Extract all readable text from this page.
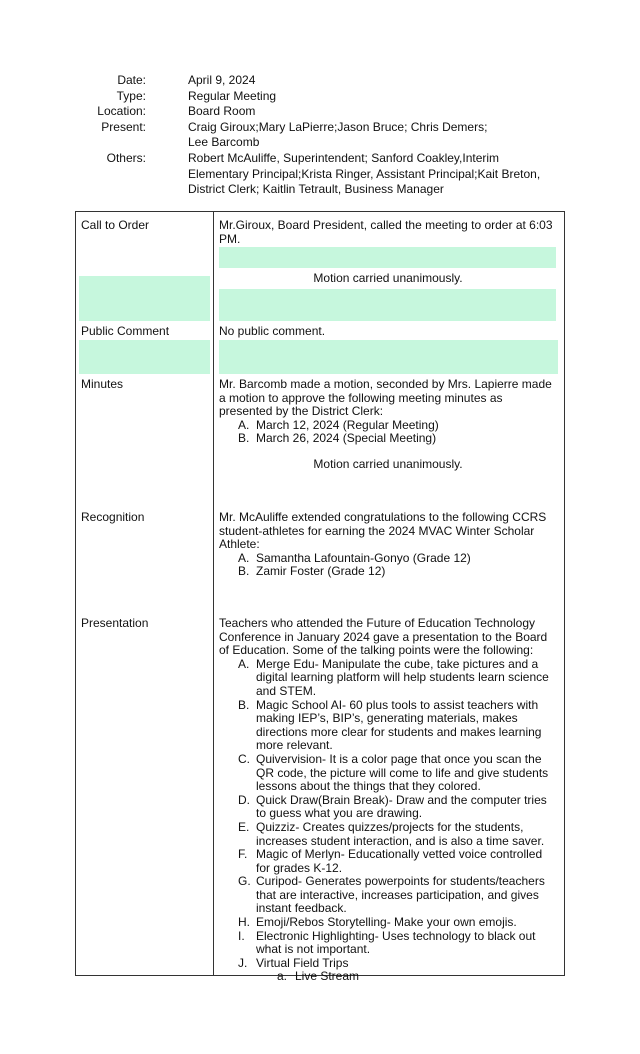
Date:	April 9, 2024
Type:	Regular Meeting
Location:	Board Room
Present:	Craig Giroux;Mary LaPierre;Jason Bruce; Chris Demers;
Lee Barcomb
Others:	Robert McAuliffe, Superintendent; Sanford Coakley,Interim Elementary Principal;Krista Ringer, Assistant Principal;Kait Breton, District Clerk; Kaitlin Tetrault, Business Manager
Call to Order	Mr.Giroux, Board President, called the meeting to order at 6:03 PM.
Motion carried unanimously.
Public Comment	No public comment.
Minutes	Mr. Barcomb made a motion, seconded by Mrs. Lapierre made a motion to approve the following meeting minutes as presented by the District Clerk:
A. March 12, 2024 (Regular Meeting)
B. March 26, 2024 (Special Meeting)
Motion carried unanimously.
Recognition	Mr. McAuliffe extended congratulations to the following CCRS student-athletes for earning the 2024 MVAC Winter Scholar Athlete:
A. Samantha Lafountain-Gonyo (Grade 12)
B. Zamir Foster (Grade 12)
Presentation	Teachers who attended the Future of Education Technology Conference in January 2024 gave a presentation to the Board of Education. Some of the talking points were the following:
A. Merge Edu- Manipulate the cube, take pictures and a digital learning platform will help students learn science and STEM.
B. Magic School AI- 60 plus tools to assist teachers with making IEP’s, BIP’s, generating materials, makes directions more clear for students and makes learning more relevant.
C. Quivervision- It is a color page that once you scan the QR code, the picture will come to life and give students lessons about the things that they colored.
D. Quick Draw(Brain Break)- Draw and the computer tries to guess what you are drawing.
E. Quizziz- Creates quizzes/projects for the students, increases student interaction, and is also a time saver.
F. Magic of Merlyn- Educationally vetted voice controlled for grades K-12.
G. Curipod- Generates powerpoints for students/teachers that are interactive, increases participation, and gives instant feedback.
H. Emoji/Rebos Storytelling- Make your own emojis.
I. Electronic Highlighting- Uses technology to black out what is not important.
J. Virtual Field Trips
a. Live Stream
